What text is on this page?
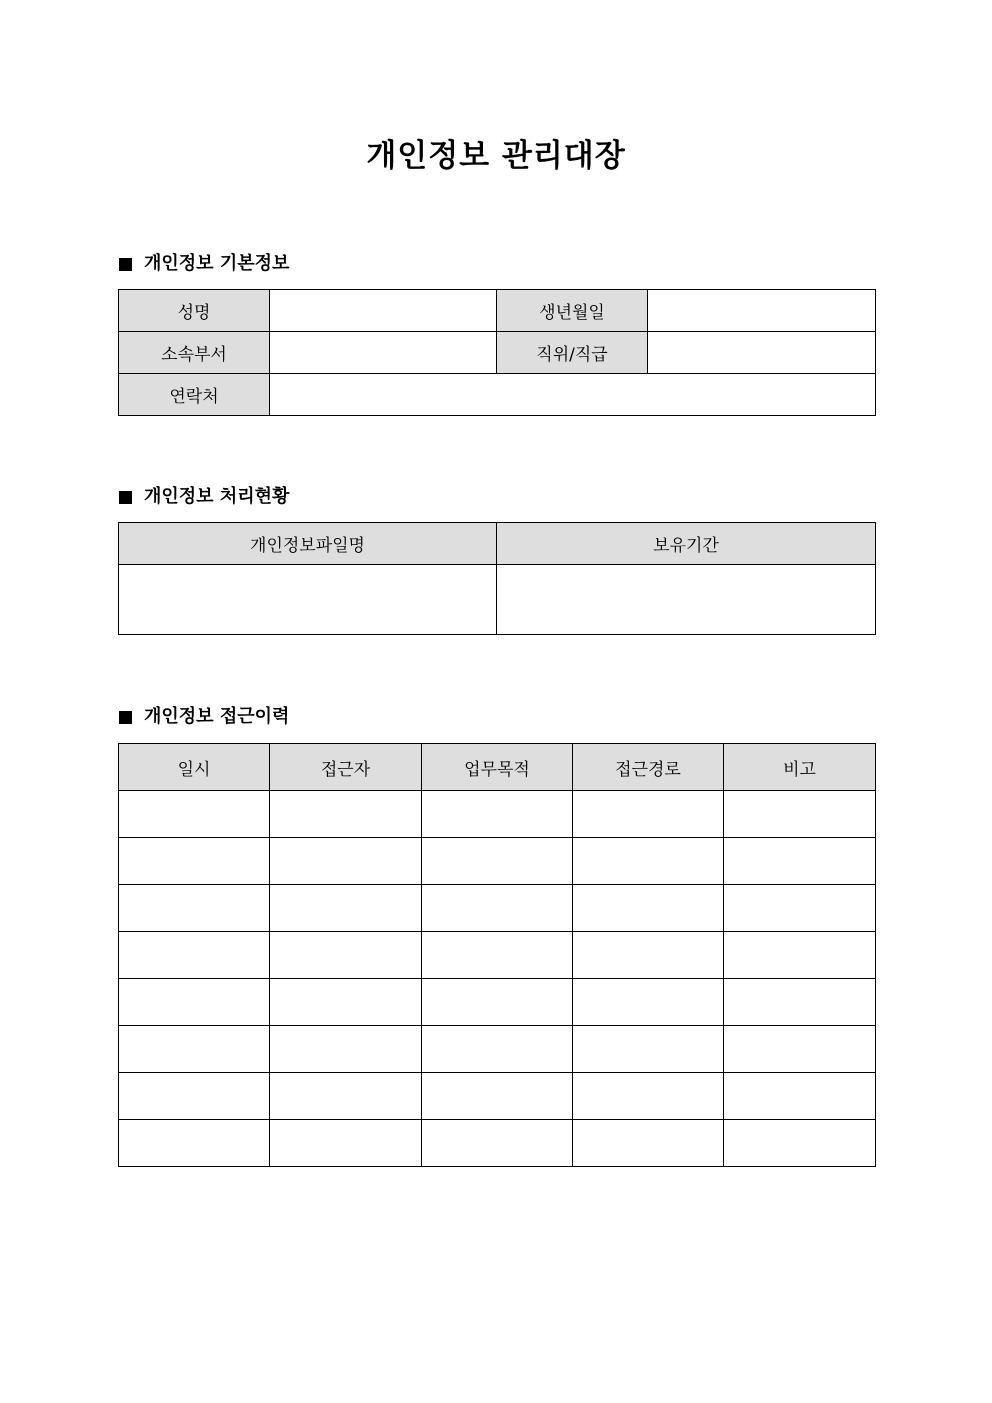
개인정보 관리대장
개인정보 기본정보
성명		생년월일	
소속부서		직위/직급	
연락처			
개인정보 처리현황
개인정보파일명	보유기간

개인정보 접근이력
일시	접근자	업무목적	접근경로	비고
